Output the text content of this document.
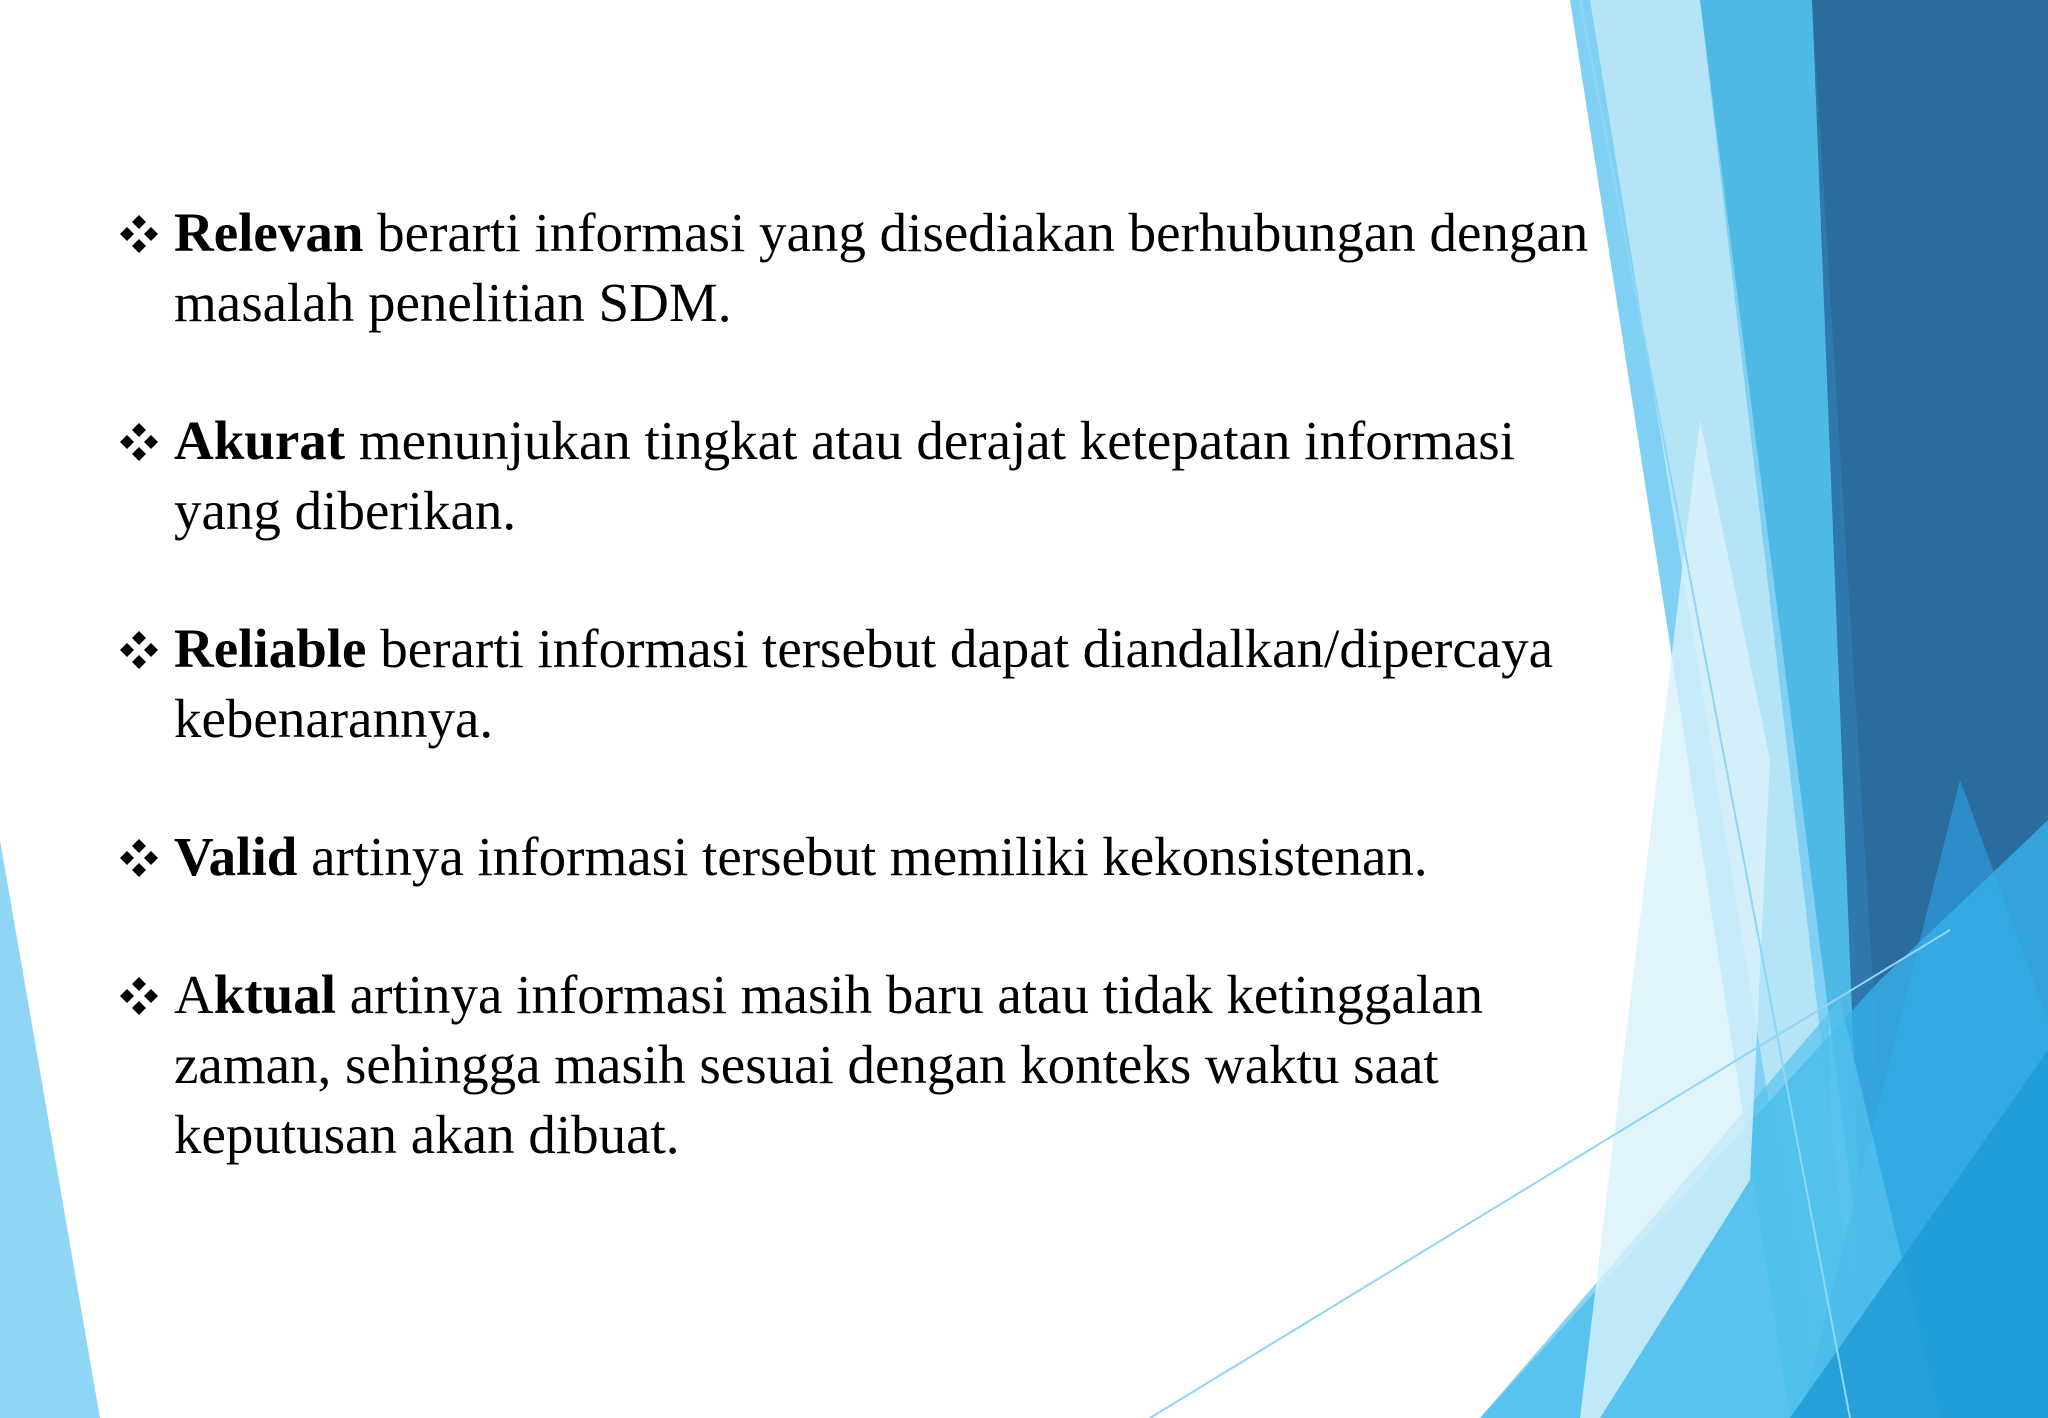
Relevan berarti informasi yang disediakan berhubungan dengan masalah penelitian SDM.
Akurat menunjukan tingkat atau derajat ketepatan informasi yang diberikan.
Reliable berarti informasi tersebut dapat diandalkan/dipercaya kebenarannya.
Valid artinya informasi tersebut memiliki kekonsistenan.
Aktual artinya informasi masih baru atau tidak ketinggalan zaman, sehingga masih sesuai dengan konteks waktu saat keputusan akan dibuat.
